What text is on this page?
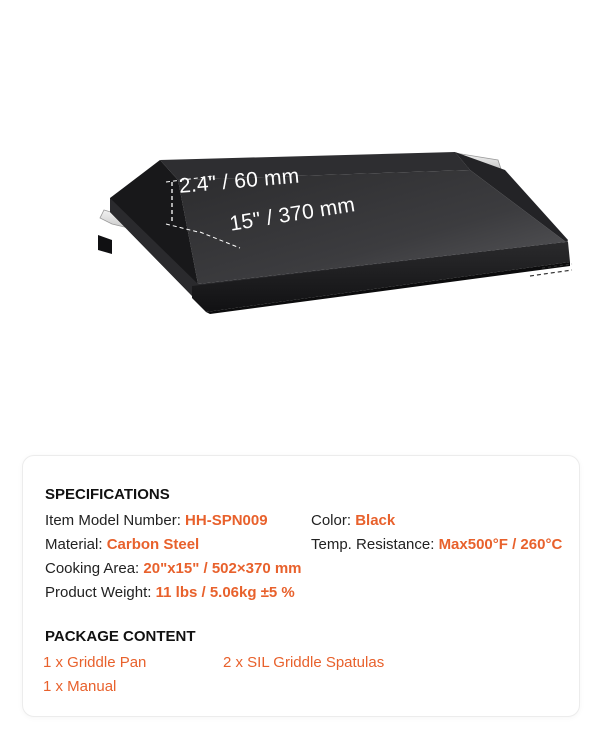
2.4" / 60 mm
15" / 370 mm
SPECIFICATIONS
Item Model Number: HH-SPN009	Color: Black
Material: Carbon Steel	Temp. Resistance: Max500°F / 260°C
Cooking Area: 20"x15" / 502×370 mm
Product Weight: 11 lbs / 5.06kg ±5 %
PACKAGE CONTENT
1 x Griddle Pan	2 x SIL Griddle Spatulas
1 x Manual
